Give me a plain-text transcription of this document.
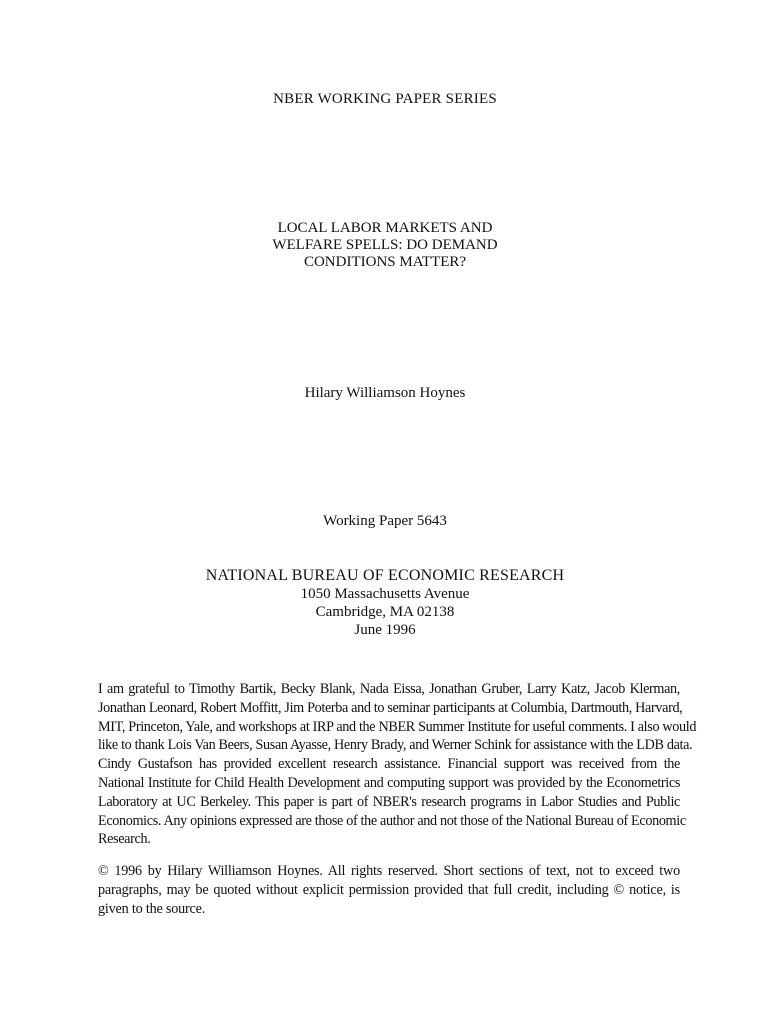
NBER WORKING PAPER SERIES
LOCAL LABOR MARKETS AND
WELFARE SPELLS: DO DEMAND
CONDITIONS MATTER?
Hilary Williamson Hoynes
Working Paper 5643
NATIONAL BUREAU OF ECONOMIC RESEARCH
1050 Massachusetts Avenue
Cambridge, MA 02138
June 1996
I am grateful to Timothy Bartik, Becky Blank, Nada Eissa, Jonathan Gruber, Larry Katz, Jacob Klerman,
Jonathan Leonard, Robert Moffitt, Jim Poterba and to seminar participants at Columbia, Dartmouth, Harvard,
MIT, Princeton, Yale, and workshops at IRP and the NBER Summer Institute for useful comments. I also would
like to thank Lois Van Beers, Susan Ayasse, Henry Brady, and Werner Schink for assistance with the LDB data.
Cindy Gustafson has provided excellent research assistance. Financial support was received from the
National Institute for Child Health Development and computing support was provided by the Econometrics
Laboratory at UC Berkeley. This paper is part of NBER's research programs in Labor Studies and Public
Economics. Any opinions expressed are those of the author and not those of the National Bureau of Economic
Research.
© 1996 by Hilary Williamson Hoynes. All rights reserved. Short sections of text, not to exceed two
paragraphs, may be quoted without explicit permission provided that full credit, including © notice, is
given to the source.
